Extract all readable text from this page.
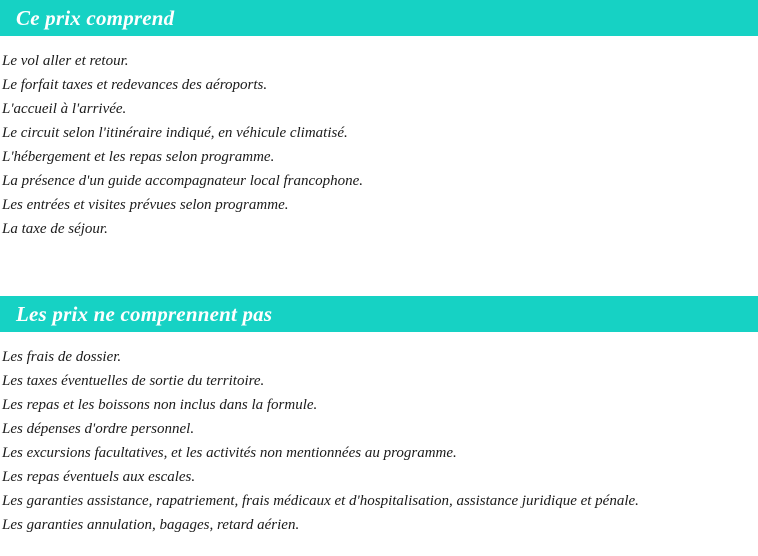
Ce prix comprend
Le vol aller et retour.
Le forfait taxes et redevances des aéroports.
L'accueil à l'arrivée.
Le circuit selon l'itinéraire indiqué, en véhicule climatisé.
L'hébergement et les repas selon programme.
La présence d'un guide accompagnateur local francophone.
Les entrées et visites prévues selon programme.
La taxe de séjour.
Les prix ne comprennent pas
Les frais de dossier.
Les taxes éventuelles de sortie du territoire.
Les repas et les boissons non inclus dans la formule.
Les dépenses d'ordre personnel.
Les excursions facultatives, et les activités non mentionnées au programme.
Les repas éventuels aux escales.
Les garanties assistance, rapatriement, frais médicaux et d'hospitalisation, assistance juridique et pénale.
Les garanties annulation, bagages, retard aérien.
